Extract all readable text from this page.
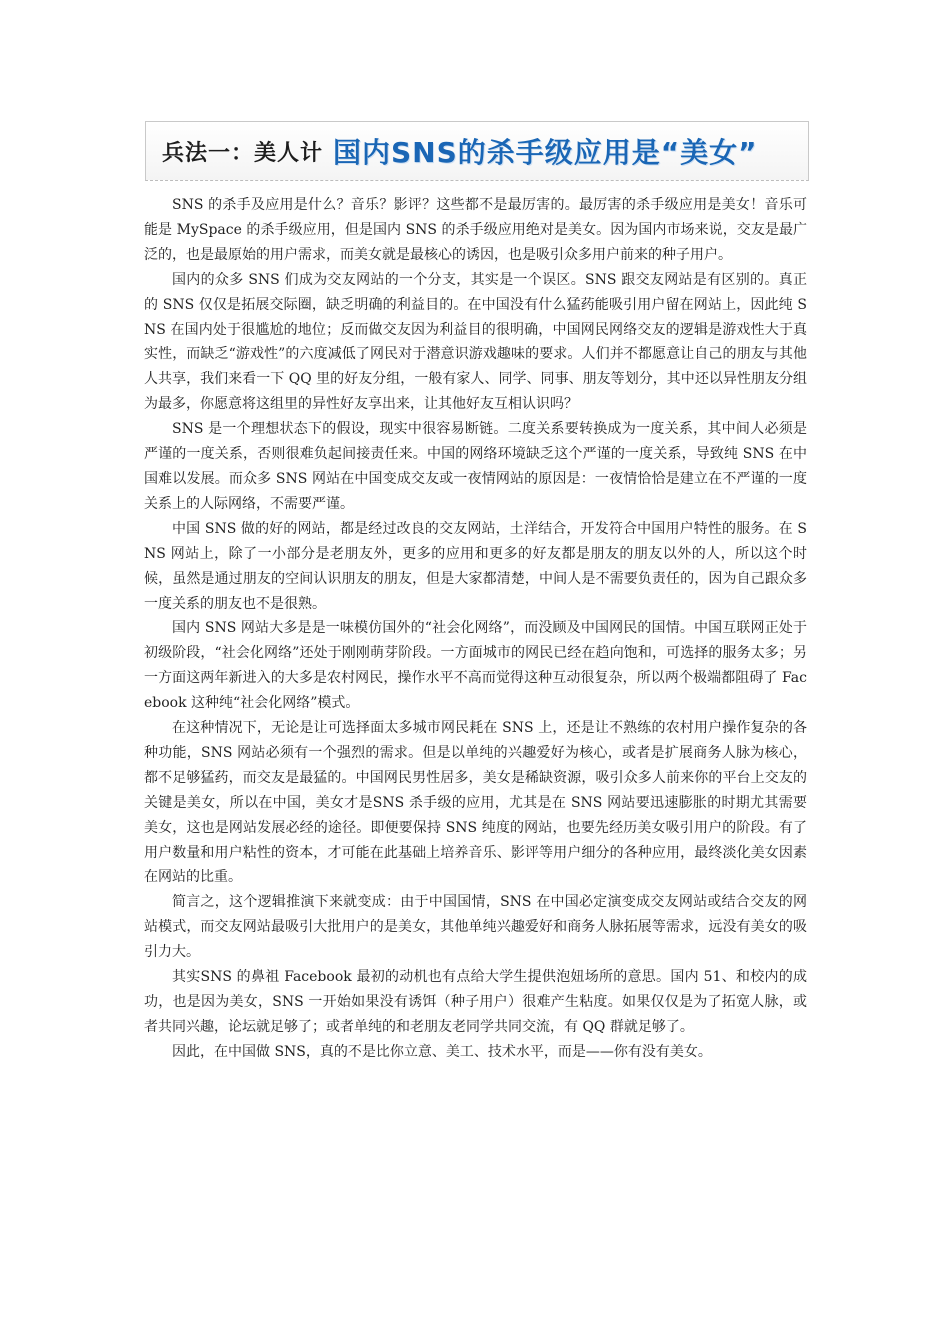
兵法一：美人计 国内SNS的杀手级应用是“美女”

SNS 的杀手及应用是什么？音乐？影评？这些都不是最厉害的。最厉害的杀手级应用是美女！音乐可能是 MySpace 的杀手级应用，但是国内 SNS 的杀手级应用绝对是美女。因为国内市场来说，交友是最广泛的，也是最原始的用户需求，而美女就是最核心的诱因，也是吸引众多用户前来的种子用户。

国内的众多 SNS 们成为交友网站的一个分支，其实是一个误区。SNS 跟交友网站是有区别的。真正的 SNS 仅仅是拓展交际圈，缺乏明确的利益目的。在中国没有什么猛药能吸引用户留在网站上，因此纯 SNS 在国内处于很尴尬的地位；反而做交友因为利益目的很明确，中国网民网络交友的逻辑是游戏性大于真实性，而缺乏“游戏性”的六度减低了网民对于潜意识游戏趣味的要求。人们并不都愿意让自己的朋友与其他人共享，我们来看一下 QQ 里的好友分组，一般有家人、同学、同事、朋友等划分，其中还以异性朋友分组为最多，你愿意将这组里的异性好友享出来，让其他好友互相认识吗？

SNS 是一个理想状态下的假设，现实中很容易断链。二度关系要转换成为一度关系，其中间人必须是严谨的一度关系，否则很难负起间接责任来。中国的网络环境缺乏这个严谨的一度关系，导致纯 SNS 在中国难以发展。而众多 SNS 网站在中国变成交友或一夜情网站的原因是：一夜情恰恰是建立在不严谨的一度关系上的人际网络，不需要严谨。

中国 SNS 做的好的网站，都是经过改良的交友网站，土洋结合，开发符合中国用户特性的服务。在 SNS 网站上，除了一小部分是老朋友外，更多的应用和更多的好友都是朋友的朋友以外的人，所以这个时候，虽然是通过朋友的空间认识朋友的朋友，但是大家都清楚，中间人是不需要负责任的，因为自己跟众多一度关系的朋友也不是很熟。

国内 SNS 网站大多是是一味模仿国外的“社会化网络”，而没顾及中国网民的国情。中国互联网正处于初级阶段，“社会化网络”还处于刚刚萌芽阶段。一方面城市的网民已经在趋向饱和，可选择的服务太多；另一方面这两年新进入的大多是农村网民，操作水平不高而觉得这种互动很复杂，所以两个极端都阻碍了 Facebook 这种纯“社会化网络”模式。

在这种情况下，无论是让可选择面太多城市网民耗在 SNS 上，还是让不熟练的农村用户操作复杂的各种功能，SNS 网站必须有一个强烈的需求。但是以单纯的兴趣爱好为核心，或者是扩展商务人脉为核心，都不足够猛药，而交友是最猛的。中国网民男性居多，美女是稀缺资源，吸引众多人前来你的平台上交友的关键是美女，所以在中国，美女才是SNS 杀手级的应用，尤其是在 SNS 网站要迅速膨胀的时期尤其需要美女，这也是网站发展必经的途径。即便要保持 SNS 纯度的网站，也要先经历美女吸引用户的阶段。有了用户数量和用户粘性的资本，才可能在此基础上培养音乐、影评等用户细分的各种应用，最终淡化美女因素在网站的比重。

简言之，这个逻辑推演下来就变成：由于中国国情，SNS 在中国必定演变成交友网站或结合交友的网站模式，而交友网站最吸引大批用户的是美女，其他单纯兴趣爱好和商务人脉拓展等需求，远没有美女的吸引力大。

其实SNS 的鼻祖 Facebook 最初的动机也有点给大学生提供泡妞场所的意思。国内 51、和校内的成功，也是因为美女，SNS 一开始如果没有诱饵（种子用户）很难产生粘度。如果仅仅是为了拓宽人脉，或者共同兴趣，论坛就足够了；或者单纯的和老朋友老同学共同交流，有 QQ 群就足够了。

因此，在中国做 SNS，真的不是比你立意、美工、技术水平，而是——你有没有美女。
